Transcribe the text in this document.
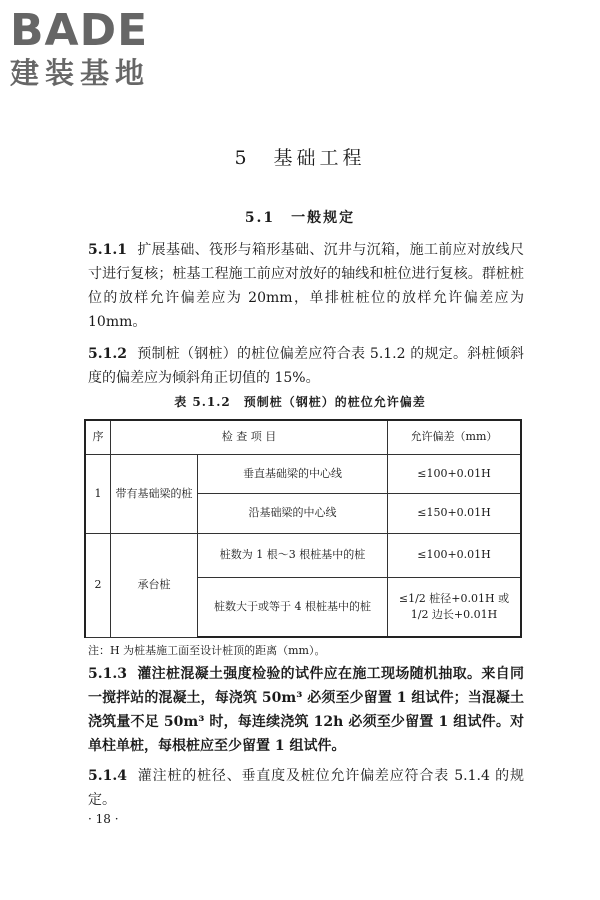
BADE
建装基地
5　基础工程
5.1　一般规定
5.1.1 扩展基础、筏形与箱形基础、沉井与沉箱，施工前应对放线尺寸进行复核；桩基工程施工前应对放好的轴线和桩位进行复核。群桩桩位的放样允许偏差应为 20mm，单排桩桩位的放样允许偏差应为 10mm。
5.1.2 预制桩（钢桩）的桩位偏差应符合表 5.1.2 的规定。斜桩倾斜度的偏差应为倾斜角正切值的 15%。
表 5.1.2　预制桩（钢桩）的桩位允许偏差
序	检 查 项 目		允许偏差（mm）
1	带有基础梁的桩	垂直基础梁的中心线	≤100+0.01H
		沿基础梁的中心线	≤150+0.01H
2	承台桩	桩数为 1 根～3 根桩基中的桩	≤100+0.01H
		桩数大于或等于 4 根桩基中的桩	≤1/2 桩径+0.01H 或 1/2 边长+0.01H
注：H 为桩基施工面至设计桩顶的距离（mm）。
5.1.3 灌注桩混凝土强度检验的试件应在施工现场随机抽取。来自同一搅拌站的混凝土，每浇筑 50m³ 必须至少留置 1 组试件；当混凝土浇筑量不足 50m³ 时，每连续浇筑 12h 必须至少留置 1 组试件。对单柱单桩，每根桩应至少留置 1 组试件。
5.1.4 灌注桩的桩径、垂直度及桩位允许偏差应符合表 5.1.4 的规定。
· 18 ·
